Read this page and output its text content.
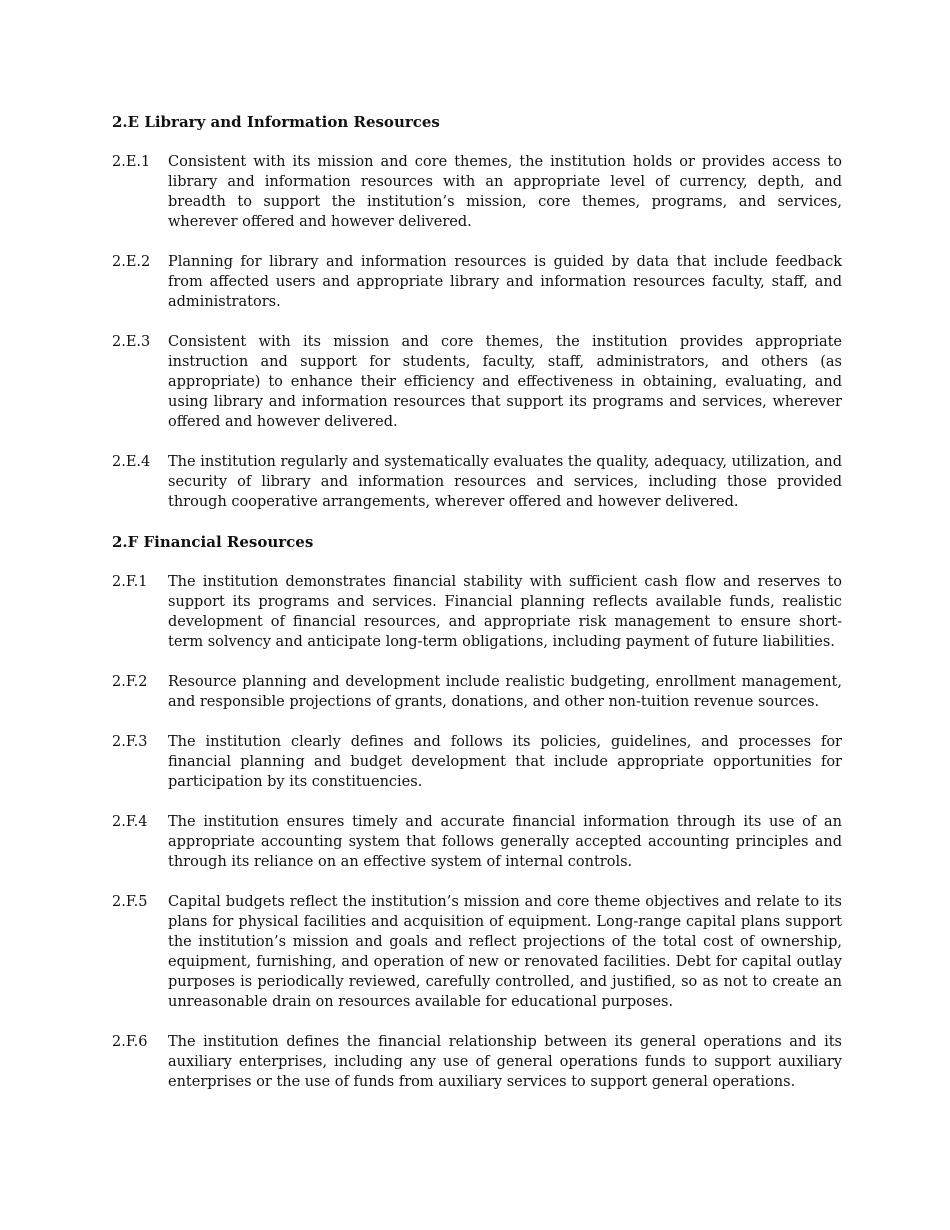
2.E Library and Information Resources
2.E.1	Consistent with its mission and core themes, the institution holds or provides access to library and information resources with an appropriate level of currency, depth, and breadth to support the institution’s mission, core themes, programs, and services, wherever offered and however delivered.
2.E.2	Planning for library and information resources is guided by data that include feedback from affected users and appropriate library and information resources faculty, staff, and administrators.
2.E.3	Consistent with its mission and core themes, the institution provides appropriate instruction and support for students, faculty, staff, administrators, and others (as appropriate) to enhance their efficiency and effectiveness in obtaining, evaluating, and using library and information resources that support its programs and services, wherever offered and however delivered.
2.E.4	The institution regularly and systematically evaluates the quality, adequacy, utilization, and security of library and information resources and services, including those provided through cooperative arrangements, wherever offered and however delivered.
2.F Financial Resources
2.F.1	The institution demonstrates financial stability with sufficient cash flow and reserves to support its programs and services. Financial planning reflects available funds, realistic development of financial resources, and appropriate risk management to ensure short-term solvency and anticipate long-term obligations, including payment of future liabilities.
2.F.2	Resource planning and development include realistic budgeting, enrollment management, and responsible projections of grants, donations, and other non-tuition revenue sources.
2.F.3	The institution clearly defines and follows its policies, guidelines, and processes for financial planning and budget development that include appropriate opportunities for participation by its constituencies.
2.F.4	The institution ensures timely and accurate financial information through its use of an appropriate accounting system that follows generally accepted accounting principles and through its reliance on an effective system of internal controls.
2.F.5	Capital budgets reflect the institution’s mission and core theme objectives and relate to its plans for physical facilities and acquisition of equipment. Long-range capital plans support the institution’s mission and goals and reflect projections of the total cost of ownership, equipment, furnishing, and operation of new or renovated facilities. Debt for capital outlay purposes is periodically reviewed, carefully controlled, and justified, so as not to create an unreasonable drain on resources available for educational purposes.
2.F.6	The institution defines the financial relationship between its general operations and its auxiliary enterprises, including any use of general operations funds to support auxiliary enterprises or the use of funds from auxiliary services to support general operations.
